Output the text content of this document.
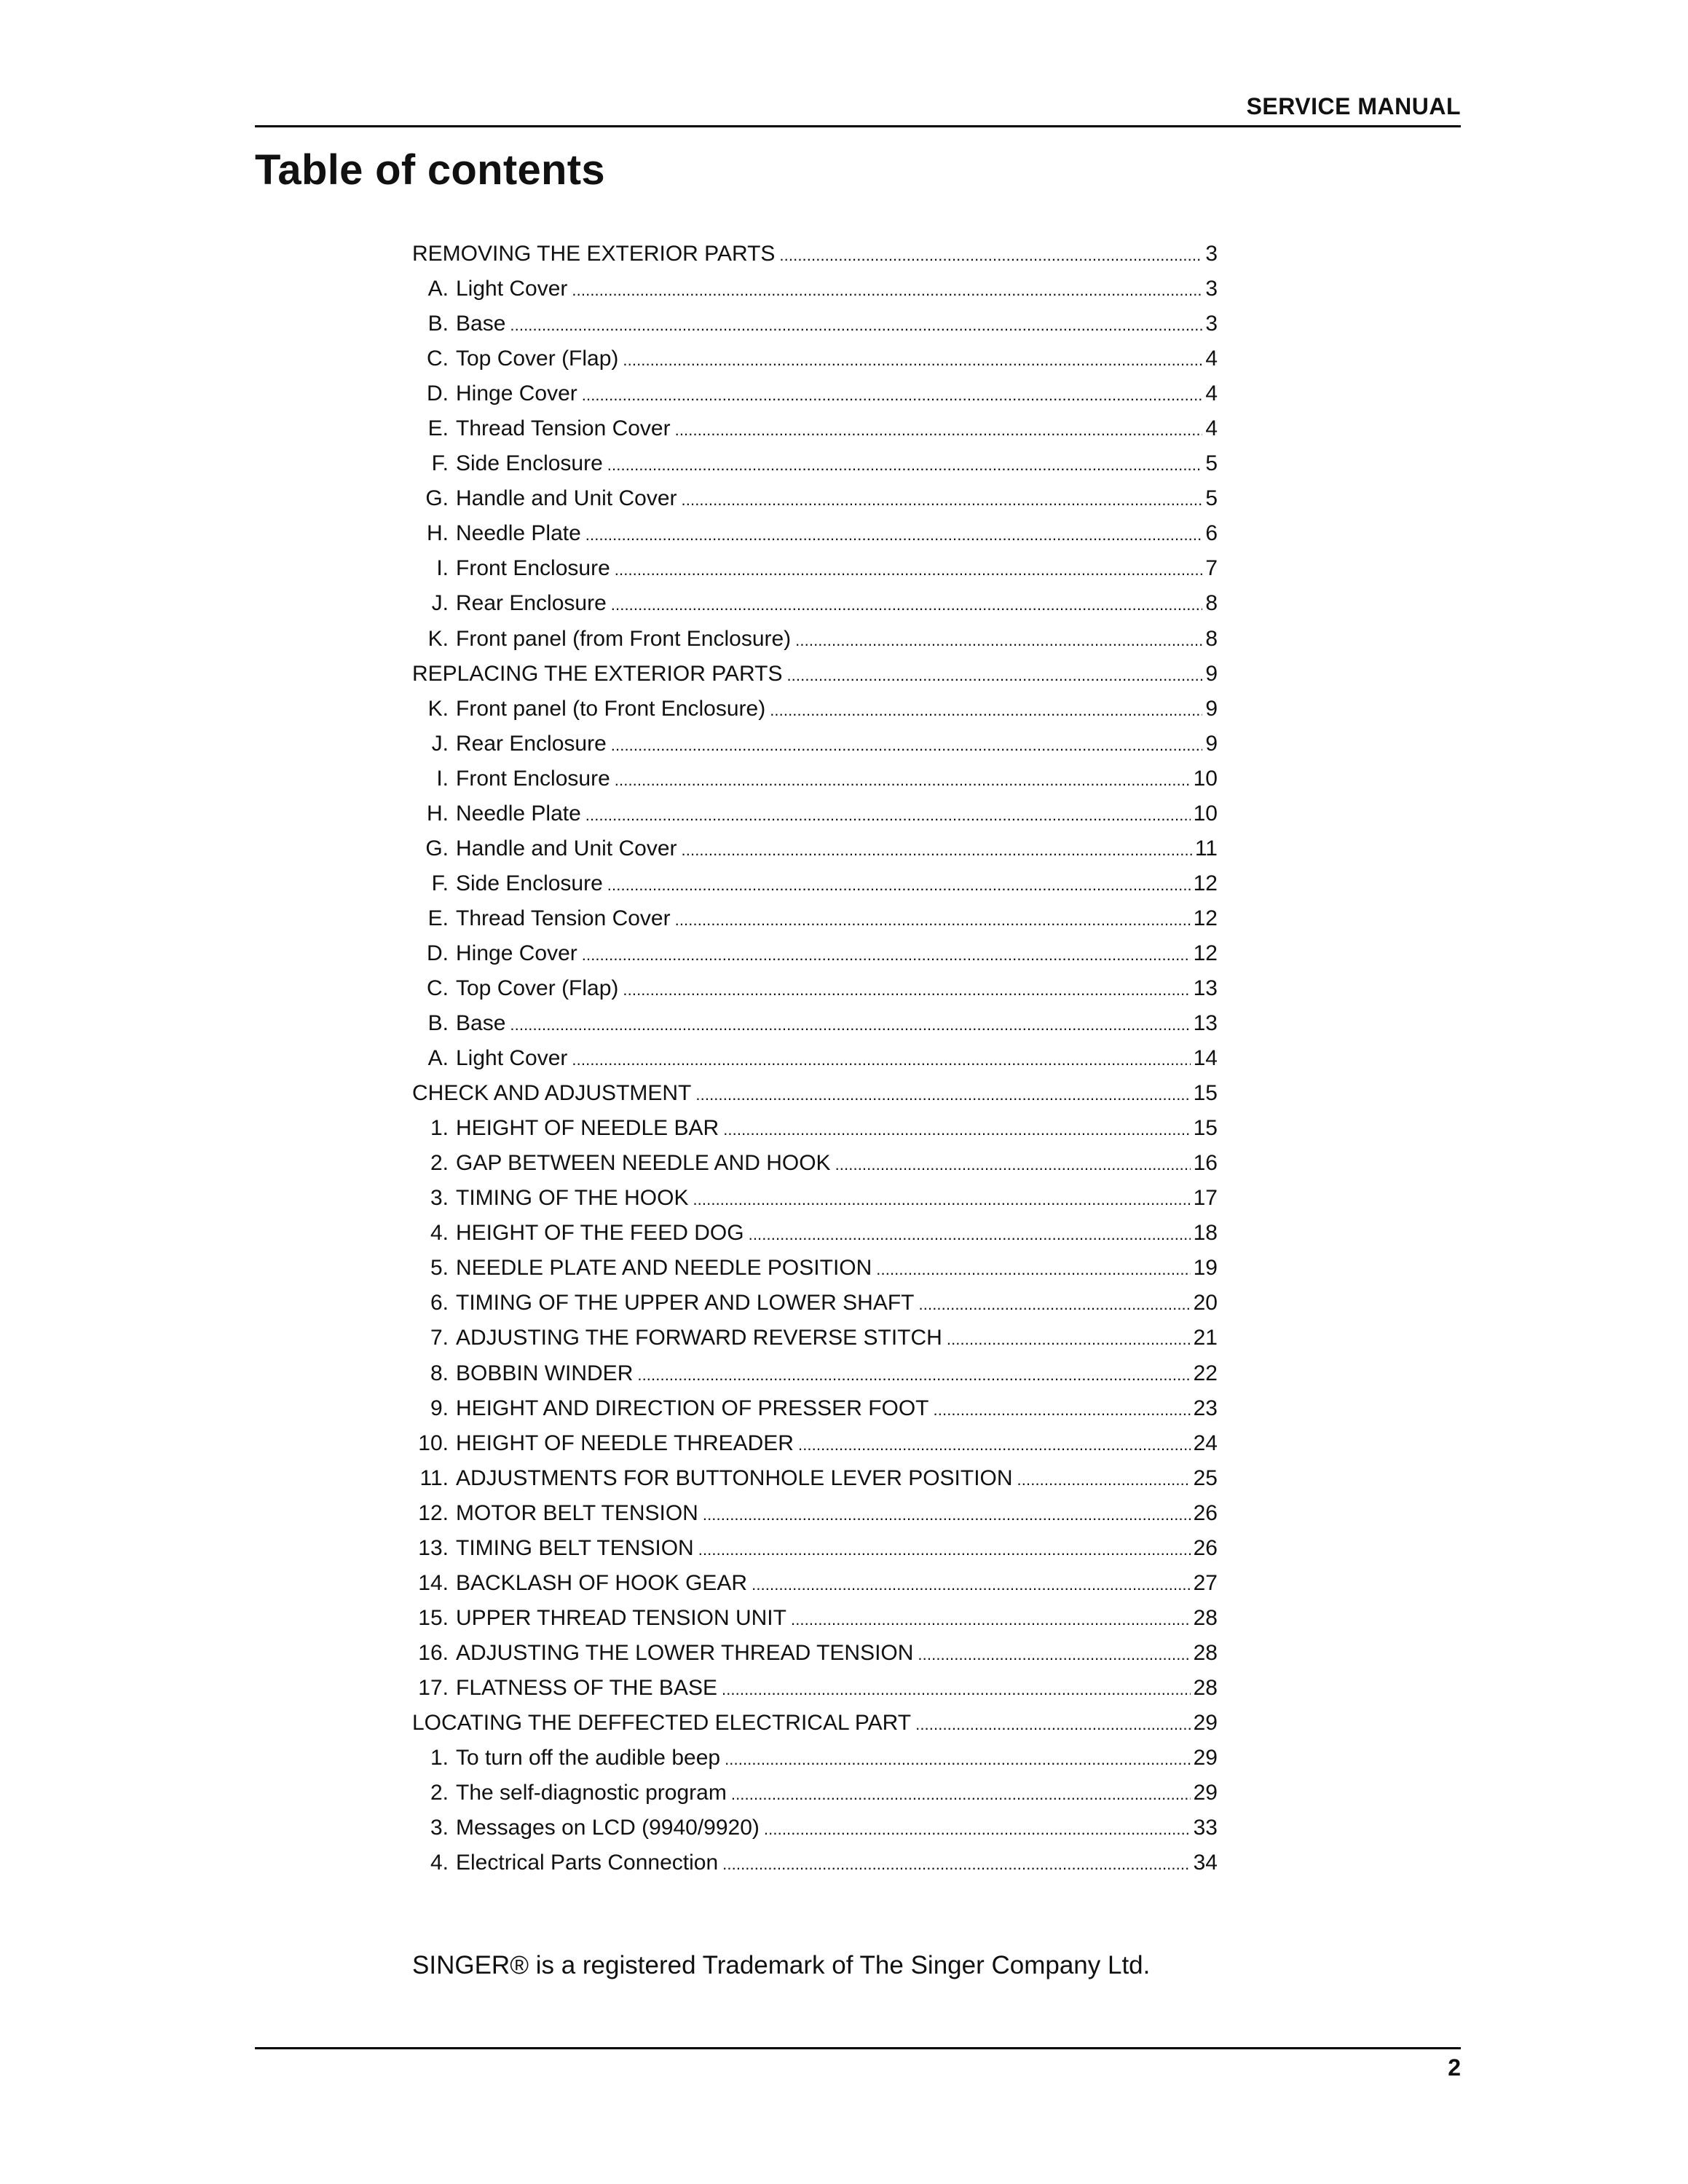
SERVICE MANUAL
Table of contents
REMOVING THE EXTERIOR PARTS . . .	3
A. Light Cover . . .	3
B. Base . . .	3
C. Top Cover (Flap) . . .	4
D. Hinge Cover . . .	4
E. Thread Tension Cover . . .	4
F. Side Enclosure . . .	5
G. Handle and Unit Cover . . .	5
H. Needle Plate . . .	6
I. Front Enclosure . . .	7
J. Rear Enclosure . . .	8
K. Front panel (from Front Enclosure) . . .	8
REPLACING THE EXTERIOR PARTS . . .	9
K. Front panel (to Front Enclosure) . . .	9
J. Rear Enclosure . . .	9
I. Front Enclosure . . .	10
H. Needle Plate . . .	10
G. Handle and Unit Cover . . .	11
F. Side Enclosure . . .	12
E. Thread Tension Cover . . .	12
D. Hinge Cover . . .	12
C. Top Cover (Flap) . . .	13
B. Base . . .	13
A. Light Cover . . .	14
CHECK AND ADJUSTMENT . . .	15
1. HEIGHT OF NEEDLE BAR . . .	15
2. GAP BETWEEN NEEDLE AND HOOK . . .	16
3. TIMING OF THE HOOK . . .	17
4. HEIGHT OF THE FEED DOG . . .	18
5. NEEDLE PLATE AND NEEDLE POSITION . . .	19
6. TIMING OF THE UPPER AND LOWER SHAFT . . .	20
7. ADJUSTING THE FORWARD REVERSE STITCH . . .	21
8. BOBBIN WINDER . . .	22
9. HEIGHT AND DIRECTION OF PRESSER FOOT . . .	23
10. HEIGHT OF NEEDLE THREADER . . .	24
11. ADJUSTMENTS FOR BUTTONHOLE LEVER POSITION . . .	25
12. MOTOR BELT TENSION . . .	26
13. TIMING BELT TENSION . . .	26
14. BACKLASH OF HOOK GEAR . . .	27
15. UPPER THREAD TENSION UNIT . . .	28
16. ADJUSTING THE LOWER THREAD TENSION . . .	28
17. FLATNESS OF THE BASE . . .	28
LOCATING THE DEFFECTED ELECTRICAL PART . . .	29
1. To turn off the audible beep . . .	29
2. The self-diagnostic program . . .	29
3. Messages on LCD (9940/9920) . . .	33
4. Electrical Parts Connection . . .	34
SINGER® is a registered Trademark of The Singer Company Ltd.
2
